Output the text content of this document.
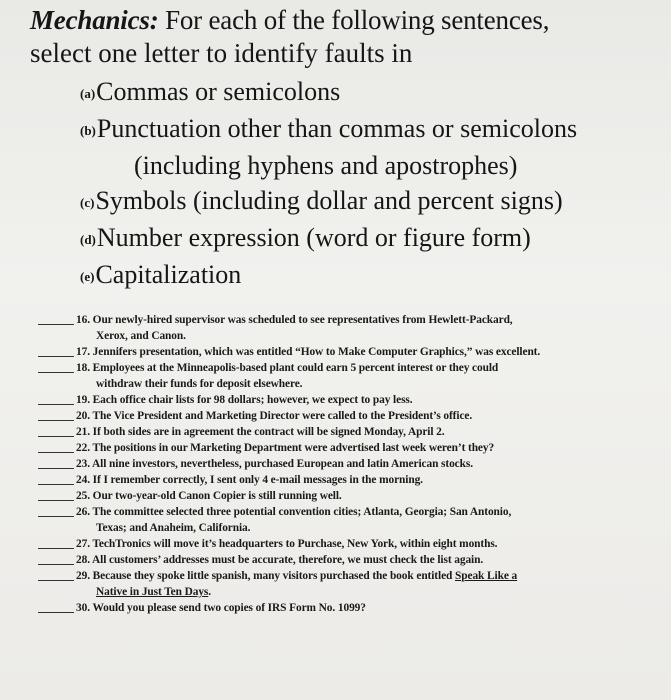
Mechanics: For each of the following sentences,
select one letter to identify faults in
(a)Commas or semicolons
(b)Punctuation other than commas or semicolons
(including hyphens and apostrophes)
(c)Symbols (including dollar and percent signs)
(d)Number expression (word or figure form)
(e)Capitalization
16. Our newly-hired supervisor was scheduled to see representatives from Hewlett-Packard,
Xerox, and Canon.
17. Jennifers presentation, which was entitled “How to Make Computer Graphics,” was excellent.
18. Employees at the Minneapolis-based plant could earn 5 percent interest or they could
withdraw their funds for deposit elsewhere.
19. Each office chair lists for 98 dollars; however, we expect to pay less.
20. The Vice President and Marketing Director were called to the President’s office.
21. If both sides are in agreement the contract will be signed Monday, April 2.
22. The positions in our Marketing Department were advertised last week weren’t they?
23. All nine investors, nevertheless, purchased European and latin American stocks.
24. If I remember correctly, I sent only 4 e-mail messages in the morning.
25. Our two-year-old Canon Copier is still running well.
26. The committee selected three potential convention cities; Atlanta, Georgia; San Antonio,
Texas; and Anaheim, California.
27. TechTronics will move it’s headquarters to Purchase, New York, within eight months.
28. All customers’ addresses must be accurate, therefore, we must check the list again.
29. Because they spoke little spanish, many visitors purchased the book entitled Speak Like a
Native in Just Ten Days.
30. Would you please send two copies of IRS Form No. 1099?
